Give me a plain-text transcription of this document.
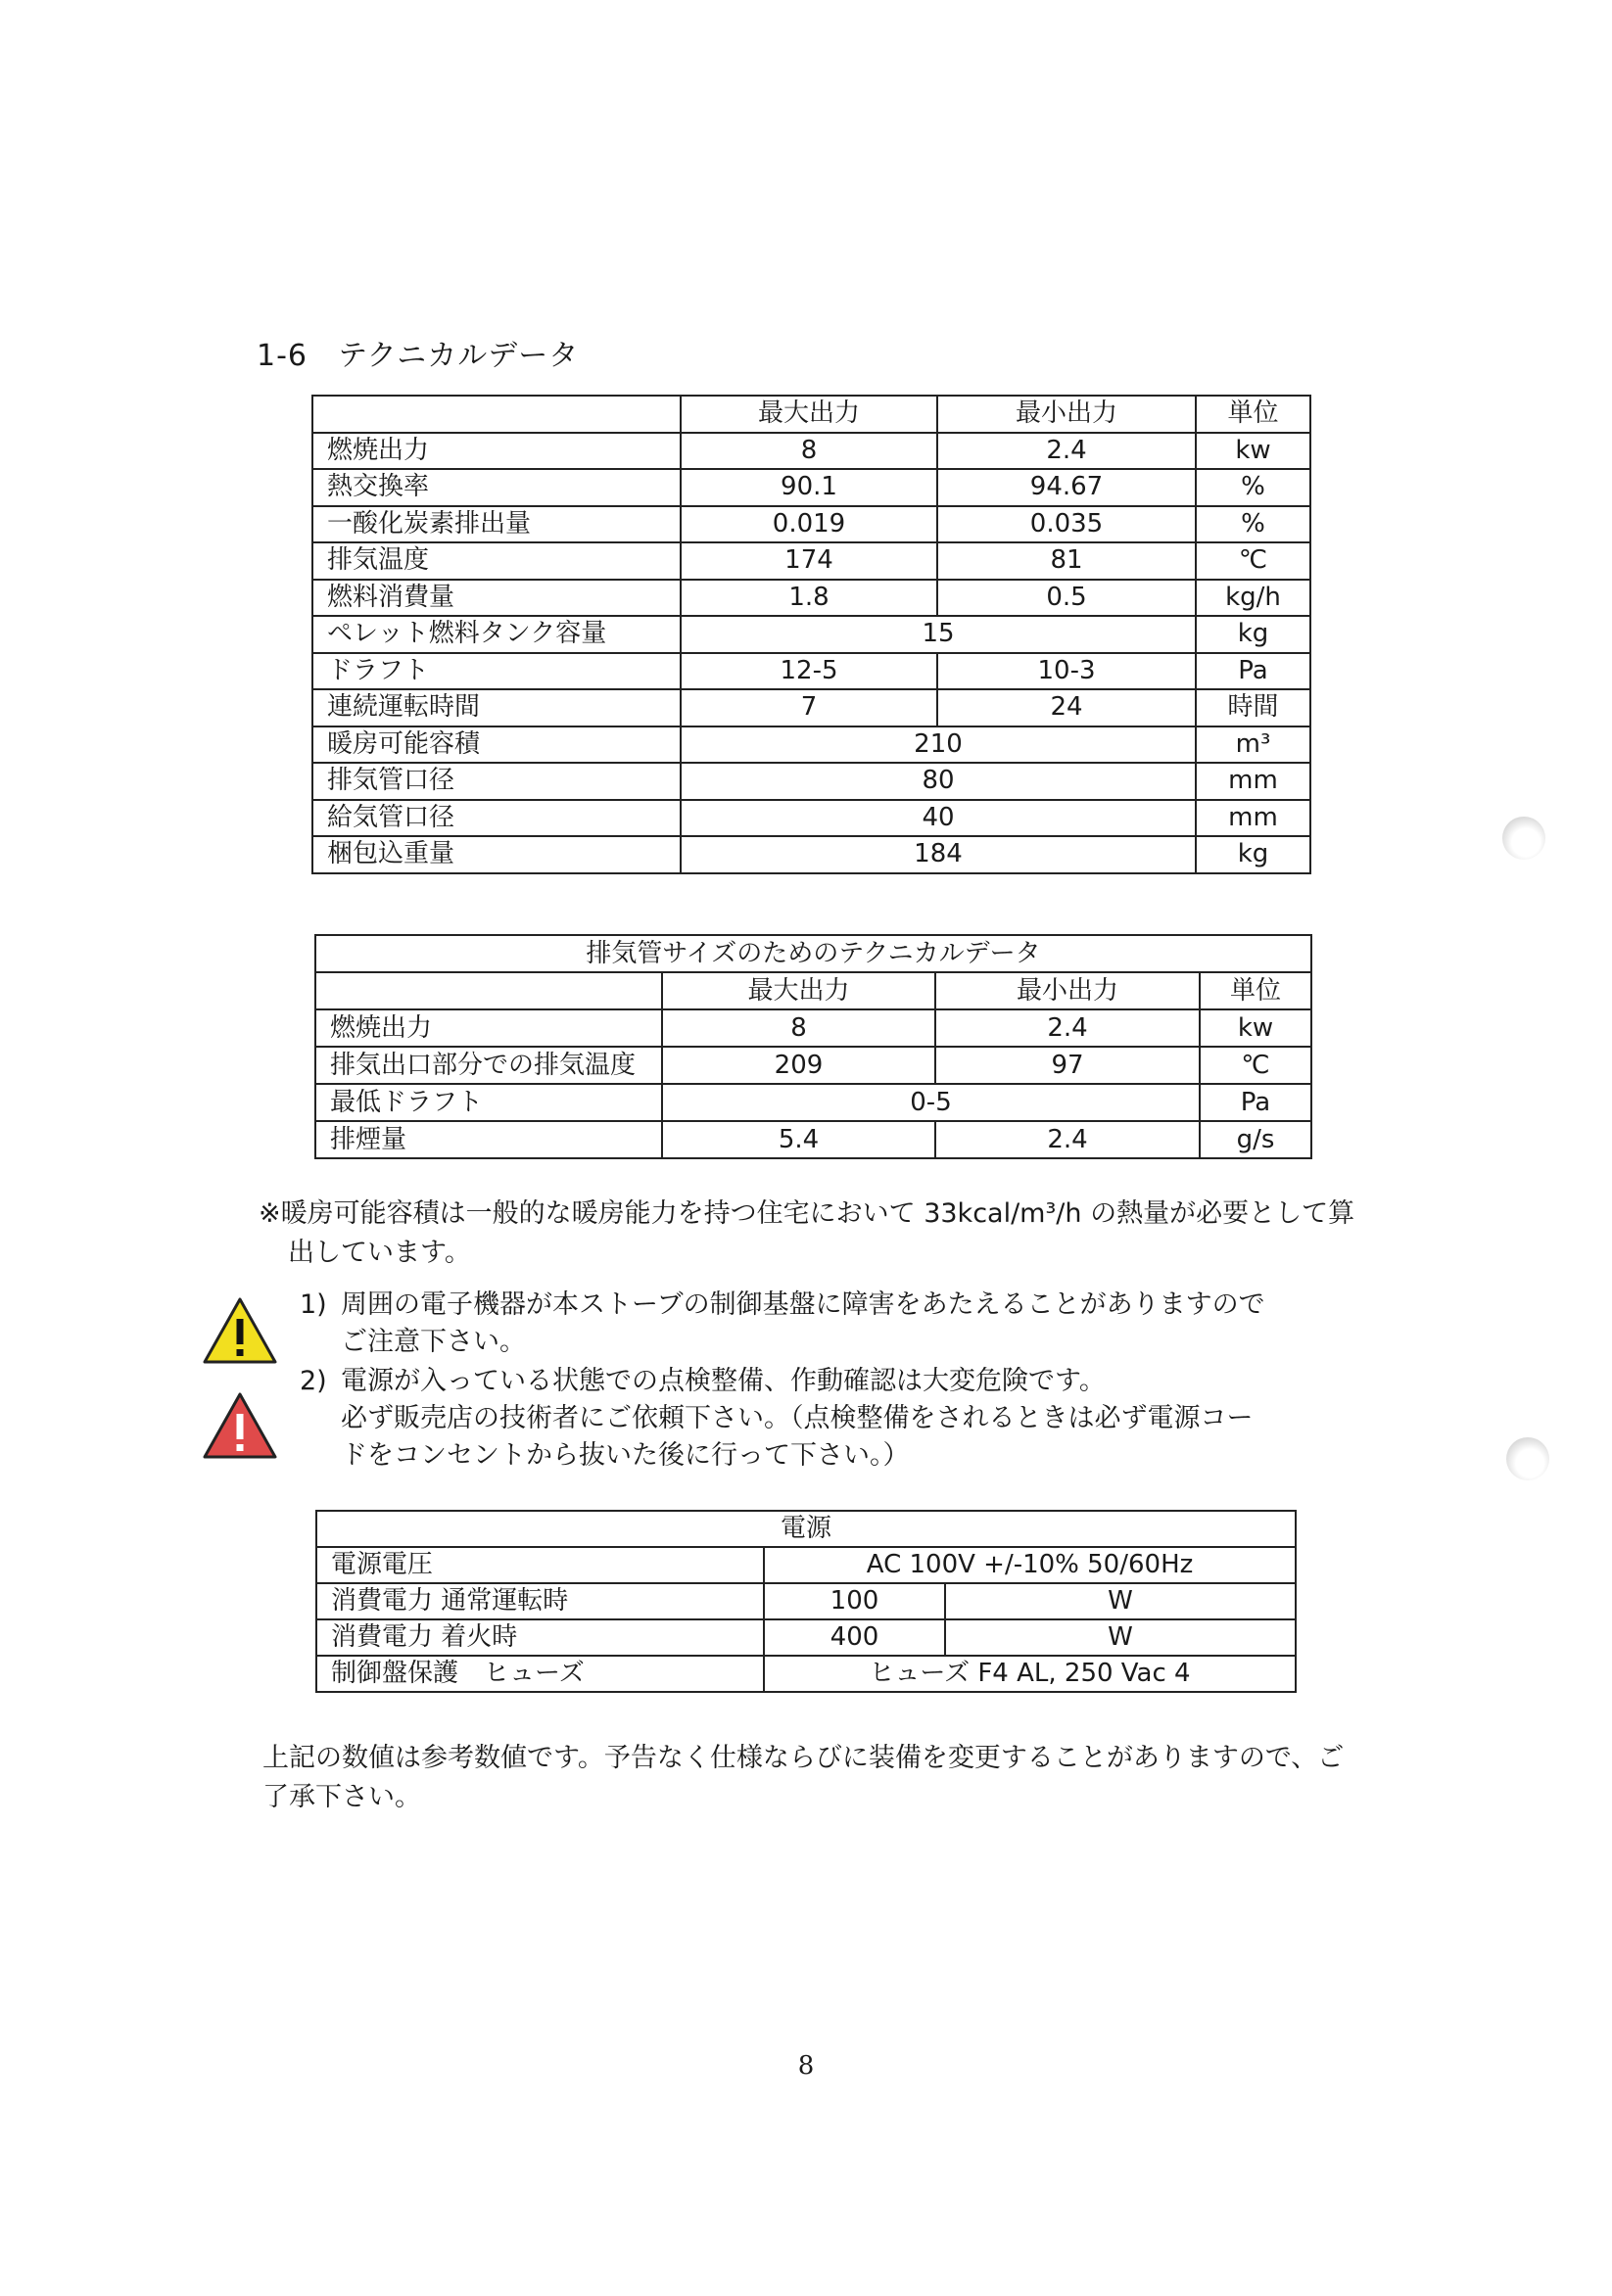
1-6　テクニカルデータ
	最大出力	最小出力	単位
燃焼出力	8	2.4	kw
熱交換率	90.1	94.67	%
一酸化炭素排出量	0.019	0.035	%
排気温度	174	81	℃
燃料消費量	1.8	0.5	kg/h
ペレット燃料タンク容量	15		kg
ドラフト	12-5	10-3	Pa
連続運転時間	7	24	時間
暖房可能容積	210		m³
排気管口径	80		mm
給気管口径	40		mm
梱包込重量	184		kg
排気管サイズのためのテクニカルデータ			
	最大出力	最小出力	単位
燃焼出力	8	2.4	kw
排気出口部分での排気温度	209	97	℃
最低ドラフト	0-5		Pa
排煙量	5.4	2.4	g/s
※暖房可能容積は一般的な暖房能力を持つ住宅において 33kcal/m³/h の熱量が必要として算
出しています。
1) 周囲の電子機器が本ストーブの制御基盤に障害をあたえることがありますので
ご注意下さい。
2) 電源が入っている状態での点検整備、作動確認は大変危険です。
必ず販売店の技術者にご依頼下さい。（点検整備をされるときは必ず電源コー
ドをコンセントから抜いた後に行って下さい。）
電源		
電源電圧	AC 100V +/-10% 50/60Hz	
消費電力 通常運転時	100	W
消費電力 着火時	400	W
制御盤保護　ヒューズ	ヒューズ F4 AL, 250 Vac 4	
上記の数値は参考数値です。予告なく仕様ならびに装備を変更することがありますので、ご
了承下さい。
8
